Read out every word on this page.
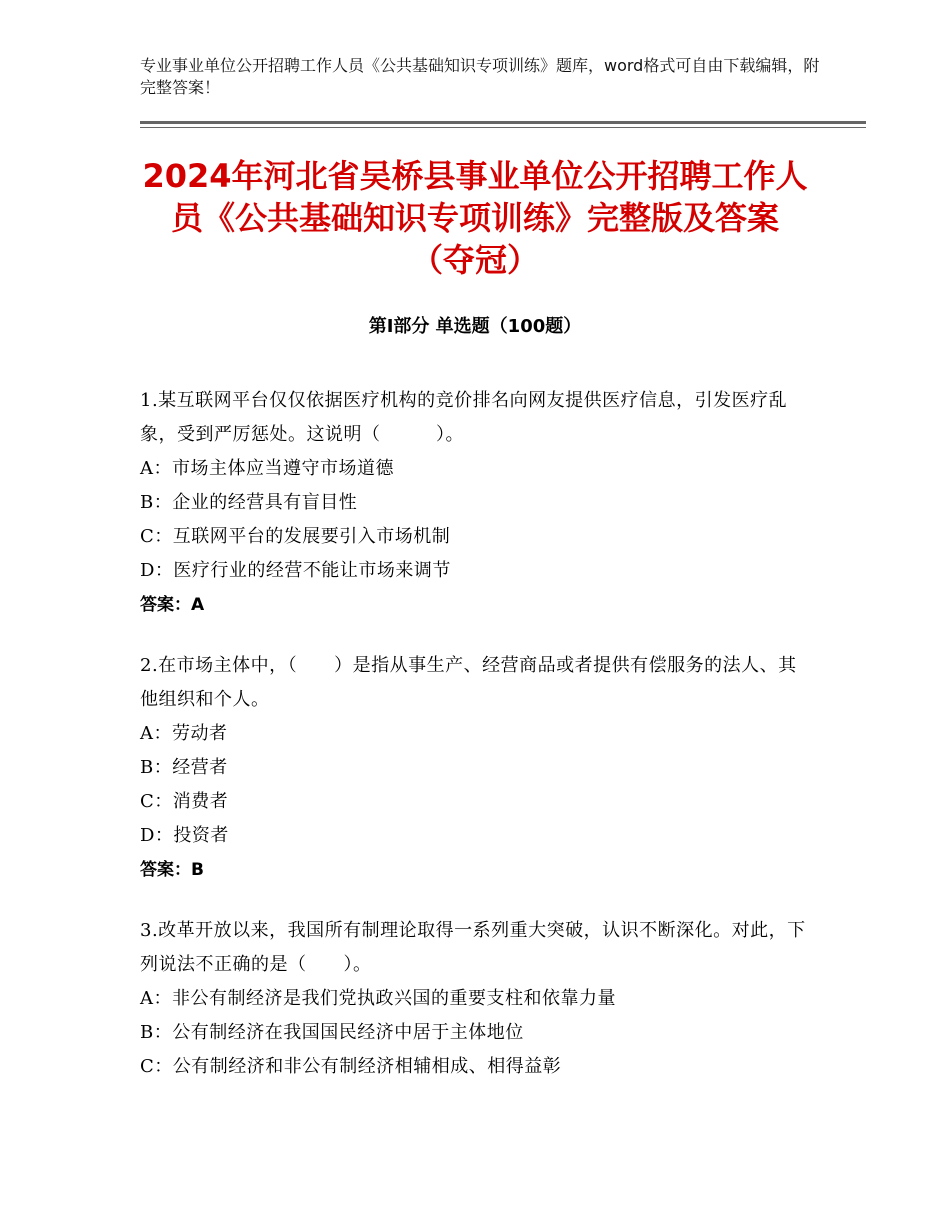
专业事业单位公开招聘工作人员《公共基础知识专项训练》题库，word格式可自由下载编辑，附完整答案！
2024年河北省吴桥县事业单位公开招聘工作人员《公共基础知识专项训练》完整版及答案（夺冠）
第I部分 单选题（100题）
1.某互联网平台仅仅依据医疗机构的竞价排名向网友提供医疗信息，引发医疗乱象，受到严厉惩处。这说明（　　　）。
A：市场主体应当遵守市场道德
B：企业的经营具有盲目性
C：互联网平台的发展要引入市场机制
D：医疗行业的经营不能让市场来调节
答案：A
2.在市场主体中，（　　）是指从事生产、经营商品或者提供有偿服务的法人、其他组织和个人。
A：劳动者
B：经营者
C：消费者
D：投资者
答案：B
3.改革开放以来，我国所有制理论取得一系列重大突破，认识不断深化。对此，下列说法不正确的是（　　）。
A：非公有制经济是我们党执政兴国的重要支柱和依靠力量
B：公有制经济在我国国民经济中居于主体地位
C：公有制经济和非公有制经济相辅相成、相得益彰
